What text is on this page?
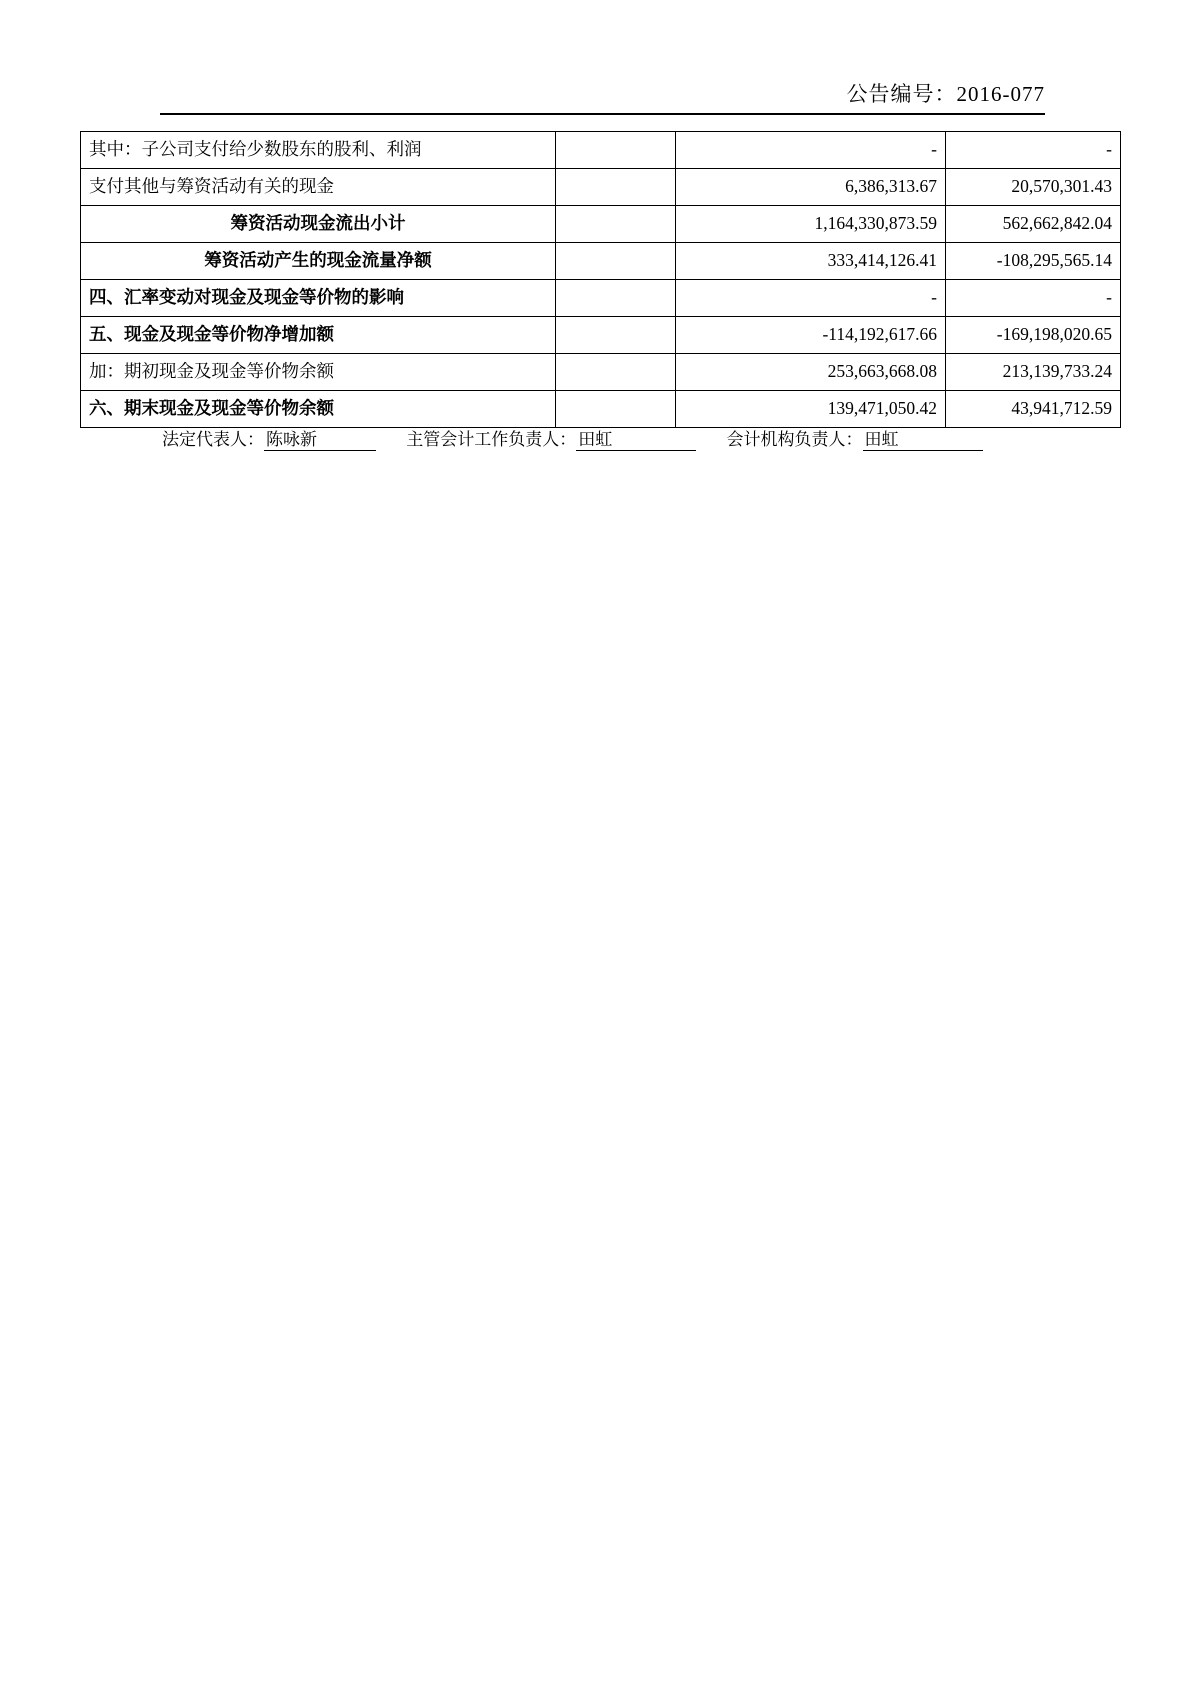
公告编号：2016-077
其中：子公司支付给少数股东的股利、利润		-	-
支付其他与筹资活动有关的现金		6,386,313.67	20,570,301.43
筹资活动现金流出小计		1,164,330,873.59	562,662,842.04
筹资活动产生的现金流量净额		333,414,126.41	-108,295,565.14
四、汇率变动对现金及现金等价物的影响		-	-
五、现金及现金等价物净增加额		-114,192,617.66	-169,198,020.65
加：期初现金及现金等价物余额		253,663,668.08	213,139,733.24
六、期末现金及现金等价物余额		139,471,050.42	43,941,712.59
法定代表人： 陈咏新	主管会计工作负责人： 田虹	会计机构负责人： 田虹
